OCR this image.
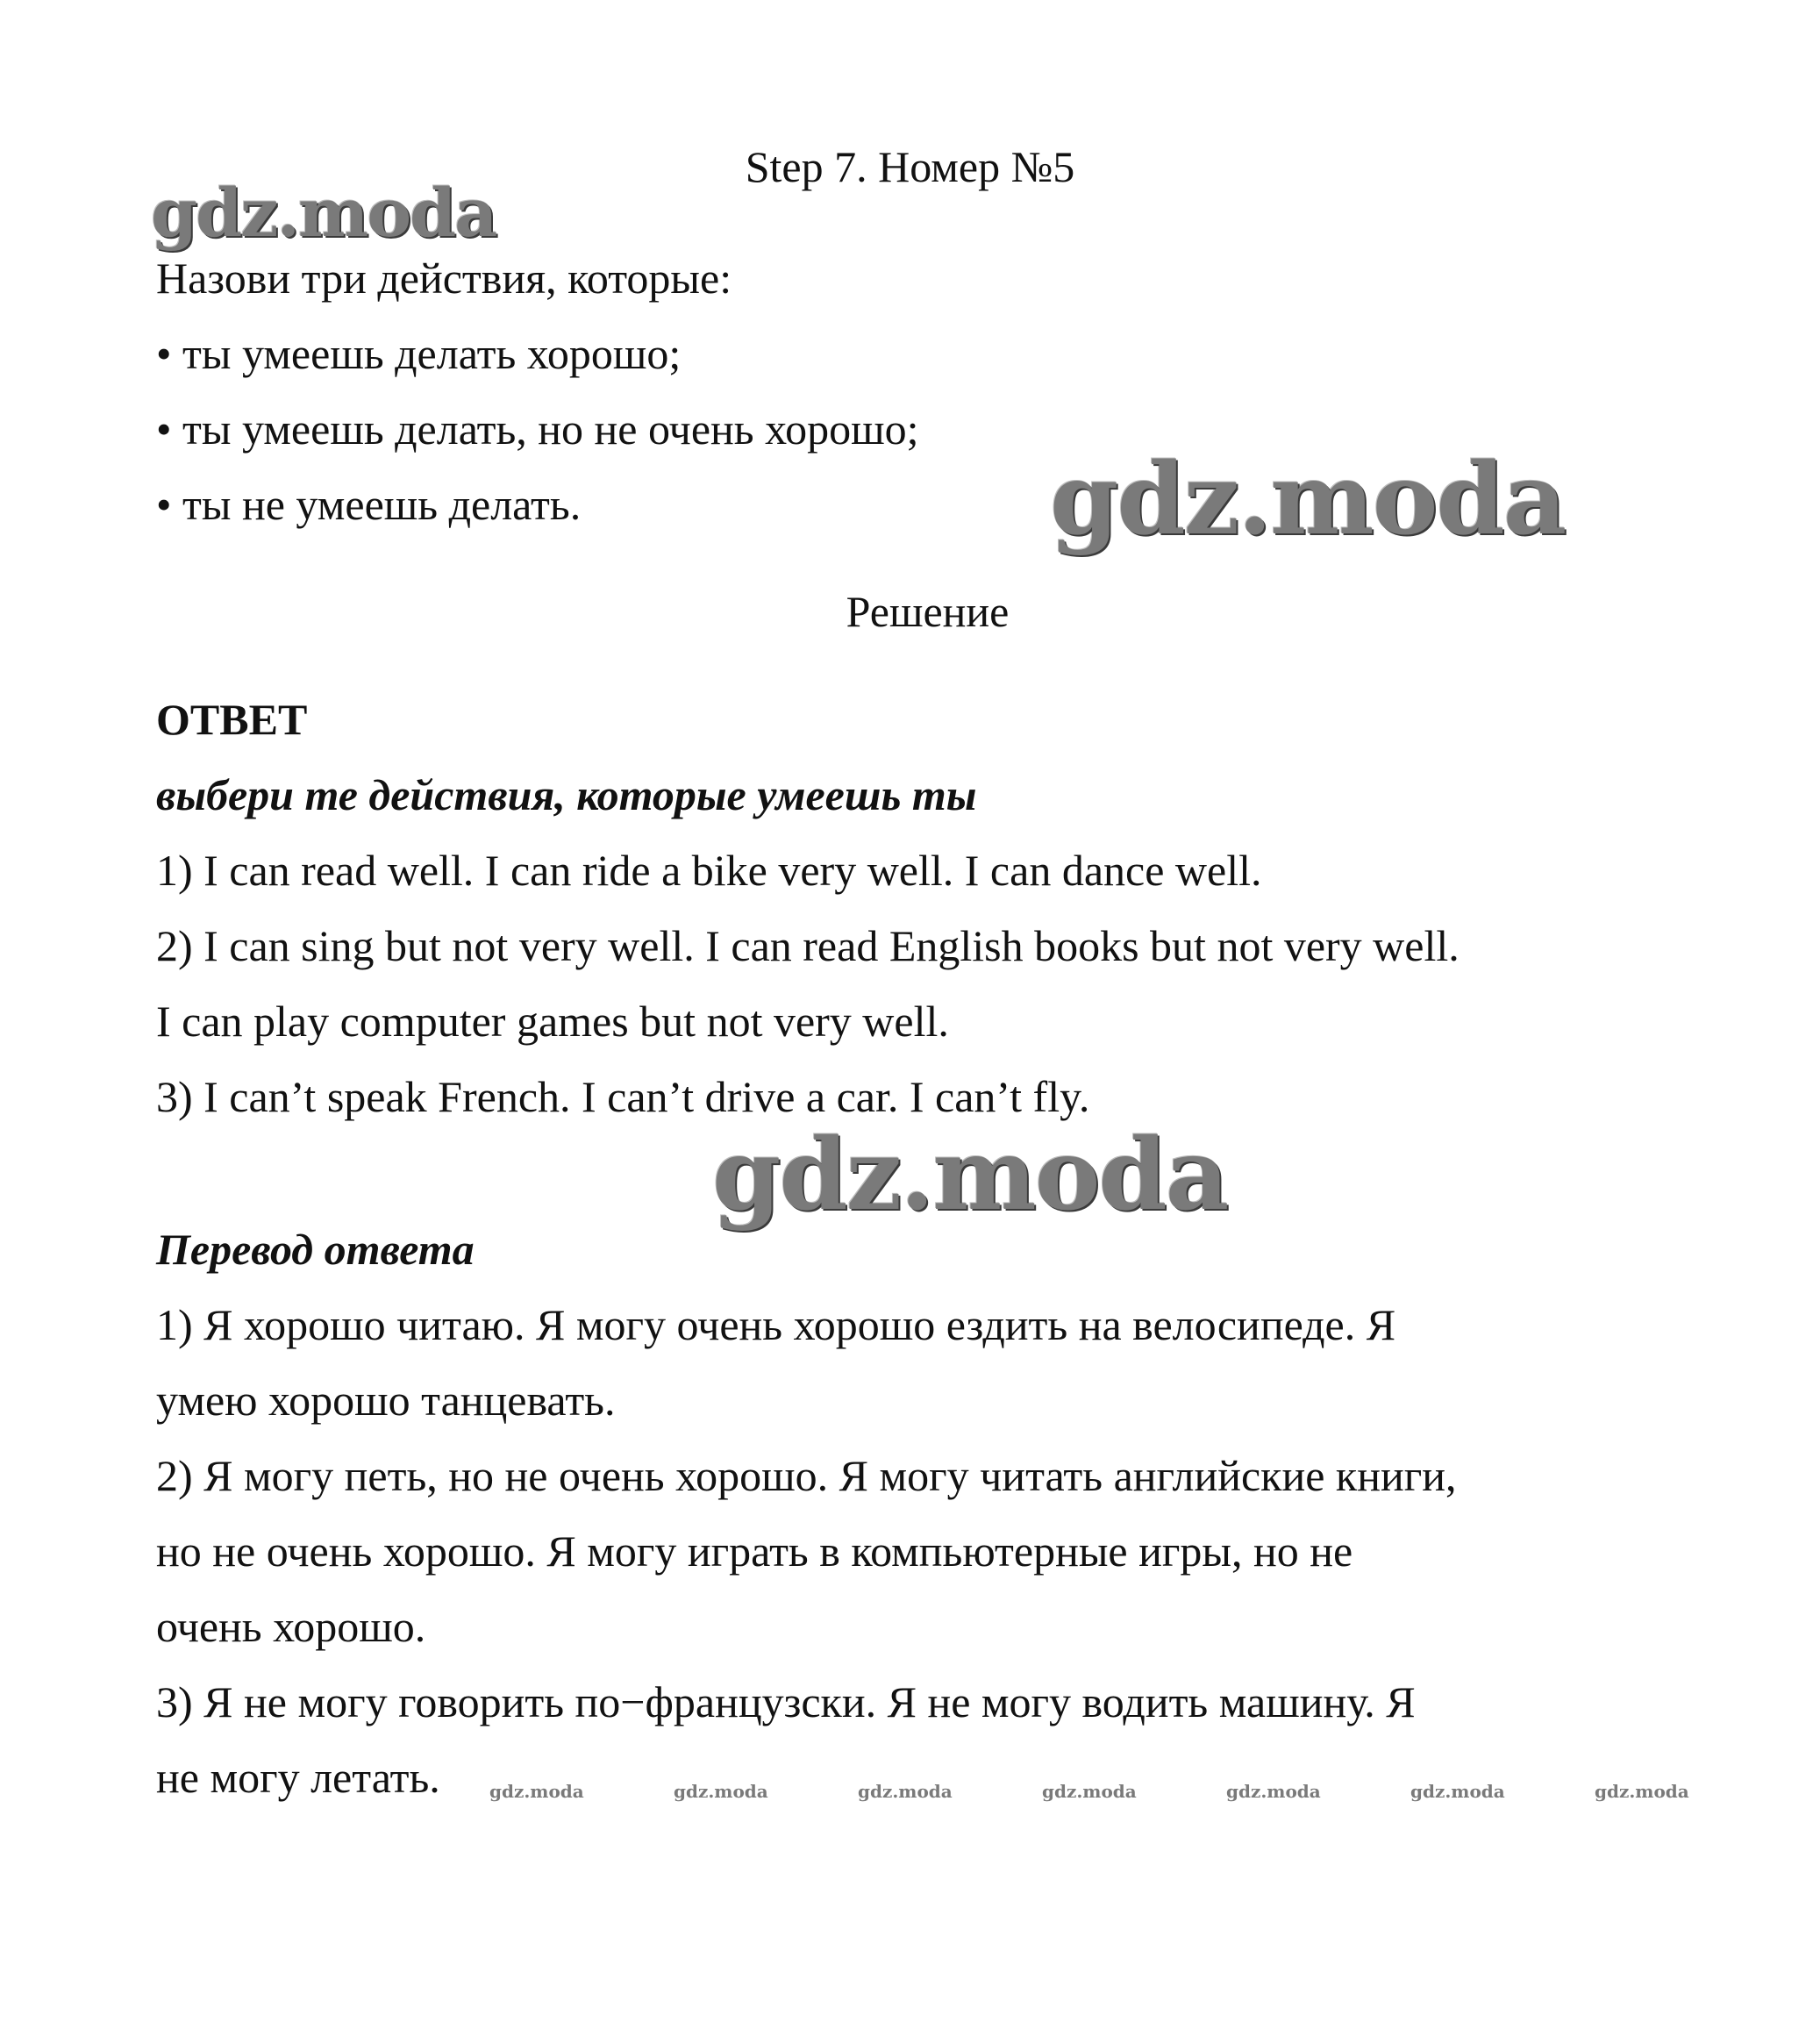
Step 7. Номер №5
gdz.moda
Назови три действия, которые:
• ты умеешь делать хорошо;
• ты умеешь делать, но не очень хорошо;
• ты не умеешь делать.	gdz.moda
Решение
ОТВЕТ
выбери те действия, которые умеешь ты
1) I can read well. I can ride a bike very well. I can dance well.
2) I can sing but not very well. I can read English books but not very well.
I can play computer games but not very well.
3) I can’t speak French. I can’t drive a car. I can’t fly.
gdz.moda
Перевод ответа
1) Я хорошо читаю. Я могу очень хорошо ездить на велосипеде. Я
умею хорошо танцевать.
2) Я могу петь, но не очень хорошо. Я могу читать английские книги,
но не очень хорошо. Я могу играть в компьютерные игры, но не
очень хорошо.
3) Я не могу говорить по−французски. Я не могу водить машину. Я
не могу летать.	gdz.moda	gdz.moda	gdz.moda	gdz.moda	gdz.moda	gdz.moda	gdz.moda
